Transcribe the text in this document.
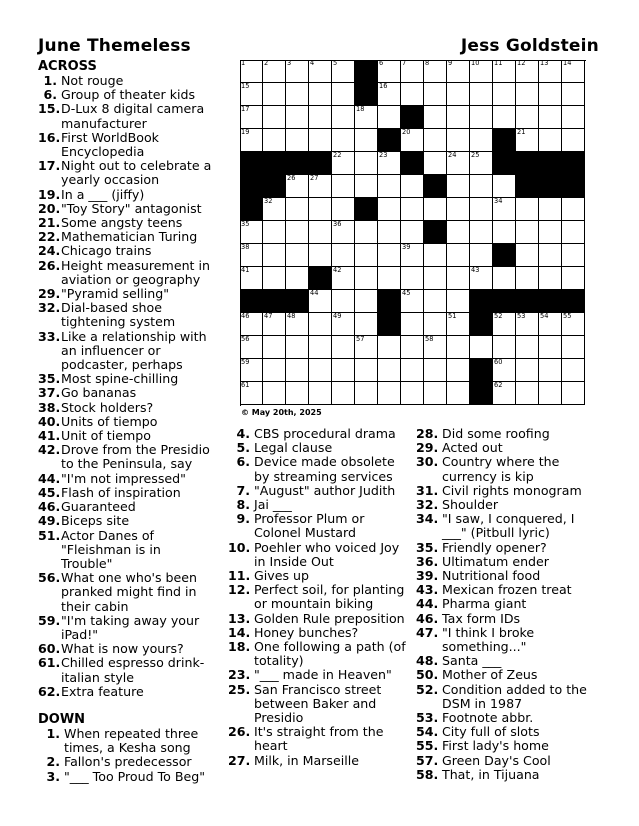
June Themeless	Jess Goldstein
ACROSS
1. Not rouge
6. Group of theater kids
15. D-Lux 8 digital camera manufacturer
16. First WorldBook Encyclopedia
17. Night out to celebrate a yearly occasion
19. In a ___ (jiffy)
20. "Toy Story" antagonist
21. Some angsty teens
22. Mathematician Turing
24. Chicago trains
26. Height measurement in aviation or geography
29. "Pyramid selling"
32. Dial-based shoe tightening system
33. Like a relationship with an influencer or podcaster, perhaps
35. Most spine-chilling
37. Go bananas
38. Stock holders?
40. Units of tiempo
41. Unit of tiempo
42. Drove from the Presidio to the Peninsula, say
44. "I'm not impressed"
45. Flash of inspiration
46. Guaranteed
49. Biceps site
51. Actor Danes of "Fleishman is in Trouble"
56. What one who's been pranked might find in their cabin
59. "I'm taking away your iPad!"
60. What is now yours?
61. Chilled espresso drink- italian style
62. Extra feature
DOWN
1. When repeated three times, a Kesha song
2. Fallon's predecessor
3. "___ Too Proud To Beg"
1	2	3	4	5	6	7	8	9	10 11 12 13 14
15	16
17	18
19	20	21
22	23	24 25
26 27	28	29 30 31
32	33	34
35	36	37
38	39	40
41	42	43
44	45
46 47 48	49	50	51	52 53 54 55
56	57	58
59	60
61	62
© May 20th, 2025
4. CBS procedural drama
5. Legal clause
6. Device made obsolete by streaming services
7. "August" author Judith
8. Jai ___
9. Professor Plum or Colonel Mustard
10. Poehler who voiced Joy in Inside Out
11. Gives up
12. Perfect soil, for planting or mountain biking
13. Golden Rule preposition
14. Honey bunches?
18. One following a path (of totality)
23. "___ made in Heaven"
25. San Francisco street between Baker and Presidio
26. It's straight from the heart
27. Milk, in Marseille
28. Did some roofing
29. Acted out
30. Country where the currency is kip
31. Civil rights monogram
32. Shoulder
34. "I saw, I conquered, I ___" (Pitbull lyric)
35. Friendly opener?
36. Ultimatum ender
39. Nutritional food
43. Mexican frozen treat
44. Pharma giant
46. Tax form IDs
47. "I think I broke something..."
48. Santa ___
50. Mother of Zeus
52. Condition added to the DSM in 1987
53. Footnote abbr.
54. City full of slots
55. First lady's home
57. Green Day's Cool
58. That, in Tijuana
